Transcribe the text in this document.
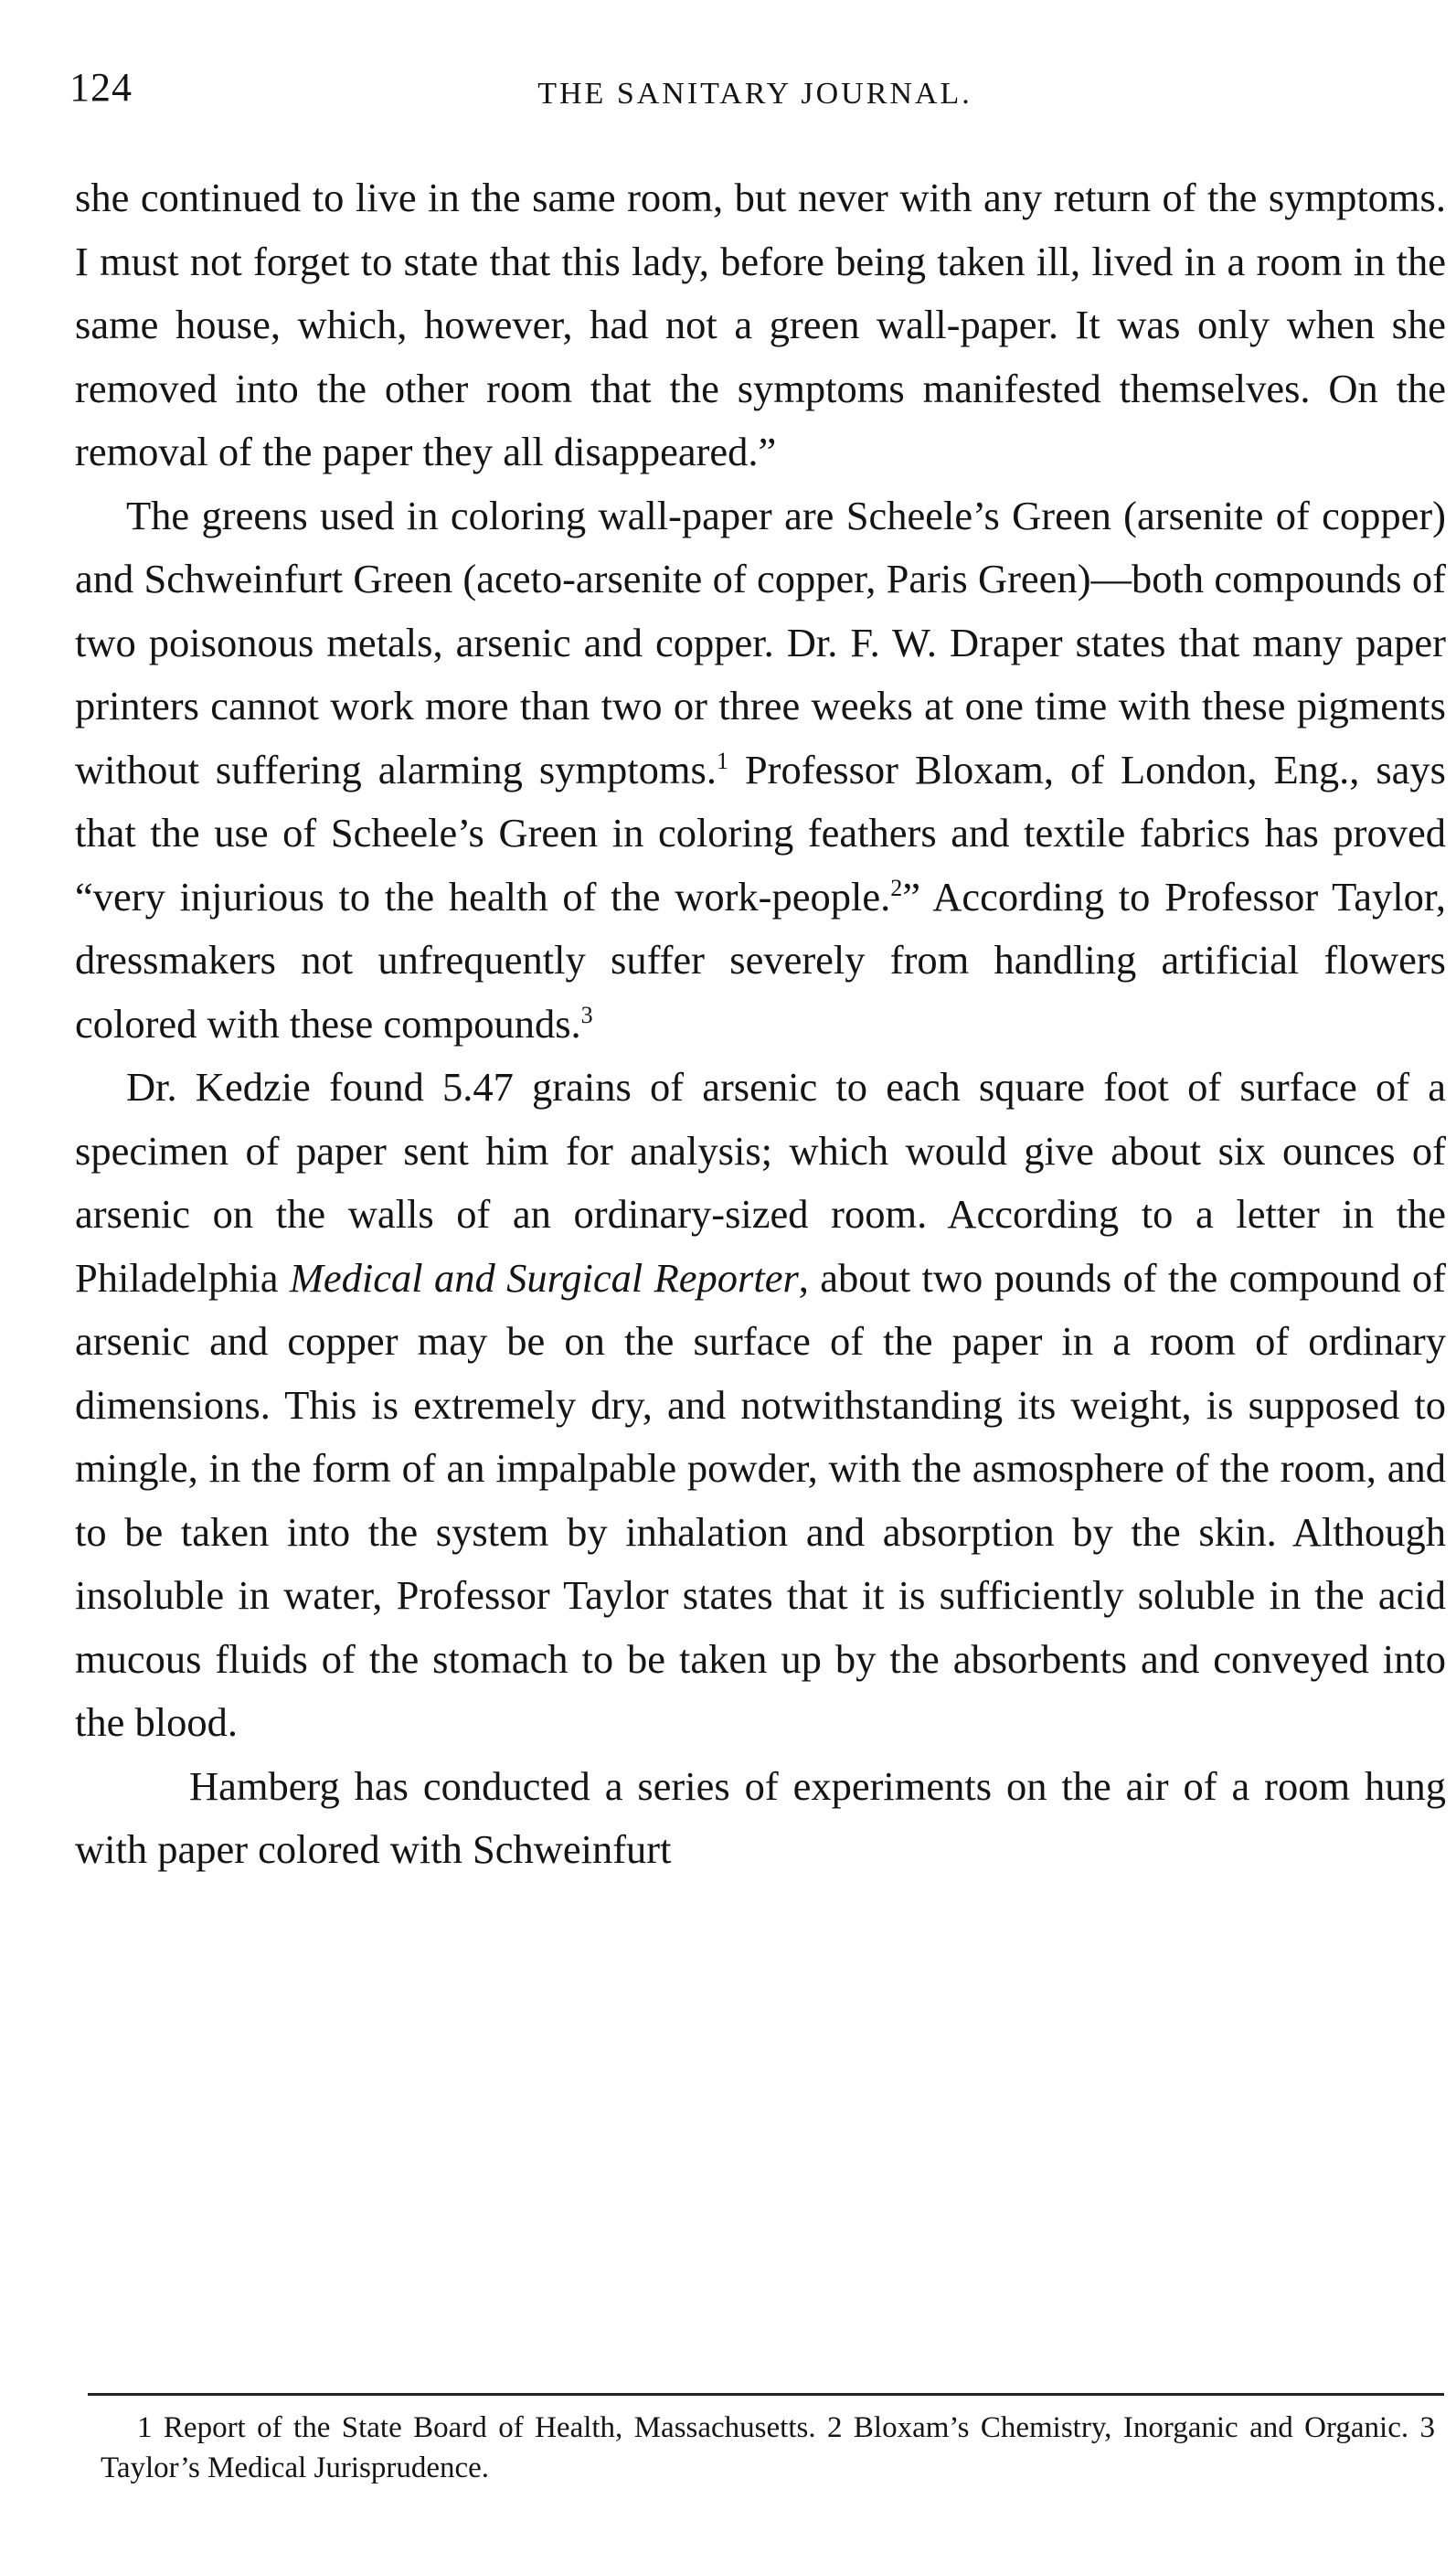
124	THE SANITARY JOURNAL.

she continued to live in the same room, but never with any return of the symptoms. I must not forget to state that this lady, before being taken ill, lived in a room in the same house, which, however, had not a green wall-paper. It was only when she removed into the other room that the symptoms manifested themselves. On the removal of the paper they all disappeared.”

The greens used in coloring wall-paper are Scheele’s Green (arsenite of copper) and Schweinfurt Green (aceto-arsenite of copper, Paris Green)—both compounds of two poisonous metals, arsenic and copper. Dr. F. W. Draper states that many paper printers cannot work more than two or three weeks at one time with these pigments without suffering alarming symptoms.$^1$ Professor Bloxam, of London, Eng., says that the use of Scheele’s Green in coloring feathers and textile fabrics has proved “very injurious to the health of the work-people.$^2$” According to Professor Taylor, dressmakers not unfrequently suffer severely from handling artificial flowers colored with these compounds.$^3$

Dr. Kedzie found 5.47 grains of arsenic to each square foot of surface of a specimen of paper sent him for analysis; which would give about six ounces of arsenic on the walls of an ordinary-sized room. According to a letter in the Philadelphia Medical and Surgical Reporter, about two pounds of the compound of arsenic and copper may be on the surface of the paper in a room of ordinary dimensions. This is extremely dry, and notwithstanding its weight, is supposed to mingle, in the form of an impalpable powder, with the asmosphere of the room, and to be taken into the system by inhalation and absorption by the skin. Although insoluble in water, Professor Taylor states that it is sufficiently soluble in the acid mucous fluids of the stomach to be taken up by the absorbents and conveyed into the blood.

Hamberg has conducted a series of experiments on the air of a room hung with paper colored with Schweinfurt

1 Report of the State Board of Health, Massachusetts. 2 Bloxam’s Chemistry, Inorganic and Organic. 3 Taylor’s Medical Jurisprudence.
